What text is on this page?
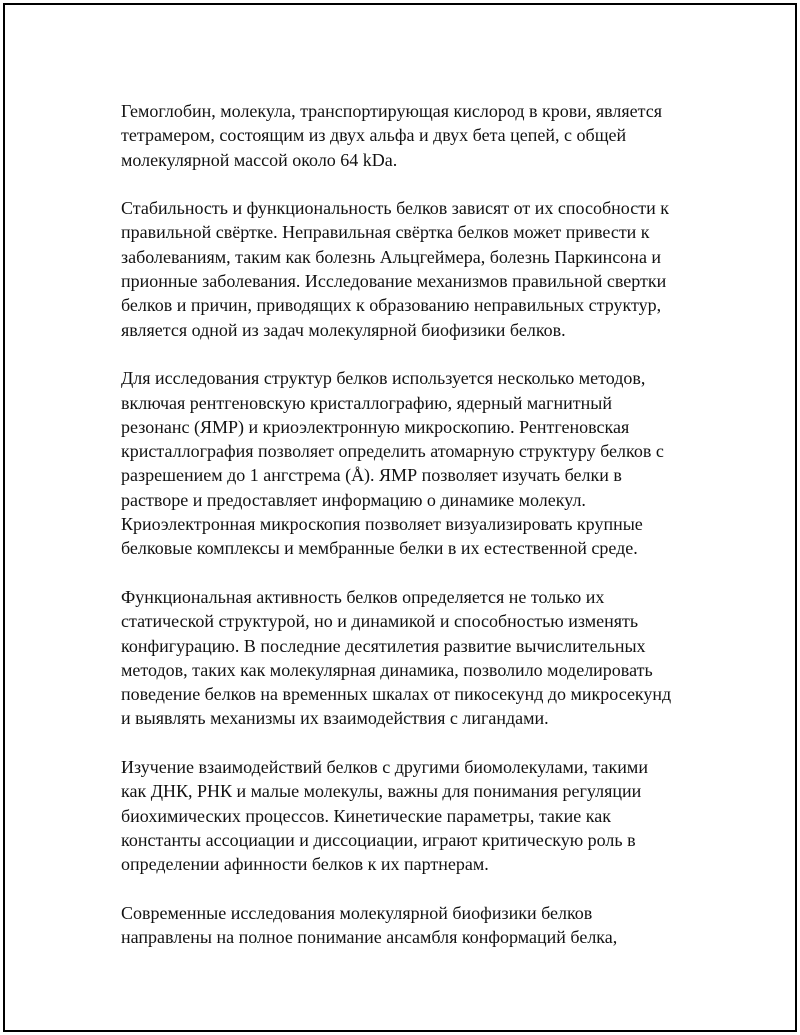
Гемоглобин, молекула, транспортирующая кислород в крови, является
тетрамером, состоящим из двух альфа и двух бета цепей, с общей
молекулярной массой около 64 kDa.

Стабильность и функциональность белков зависят от их способности к
правильной свёртке. Неправильная свёртка белков может привести к
заболеваниям, таким как болезнь Альцгеймера, болезнь Паркинсона и
прионные заболевания. Исследование механизмов правильной свертки
белков и причин, приводящих к образованию неправильных структур,
является одной из задач молекулярной биофизики белков.

Для исследования структур белков используется несколько методов,
включая рентгеновскую кристаллографию, ядерный магнитный
резонанс (ЯМР) и криоэлектронную микроскопию. Рентгеновская
кристаллография позволяет определить атомарную структуру белков с
разрешением до 1 ангстрема (Å). ЯМР позволяет изучать белки в
растворе и предоставляет информацию о динамике молекул.
Криоэлектронная микроскопия позволяет визуализировать крупные
белковые комплексы и мембранные белки в их естественной среде.

Функциональная активность белков определяется не только их
статической структурой, но и динамикой и способностью изменять
конфигурацию. В последние десятилетия развитие вычислительных
методов, таких как молекулярная динамика, позволило моделировать
поведение белков на временных шкалах от пикосекунд до микросекунд
и выявлять механизмы их взаимодействия с лигандами.

Изучение взаимодействий белков с другими биомолекулами, такими
как ДНК, РНК и малые молекулы, важны для понимания регуляции
биохимических процессов. Кинетические параметры, такие как
константы ассоциации и диссоциации, играют критическую роль в
определении афинности белков к их партнерам.

Современные исследования молекулярной биофизики белков
направлены на полное понимание ансамбля конформаций белка,
